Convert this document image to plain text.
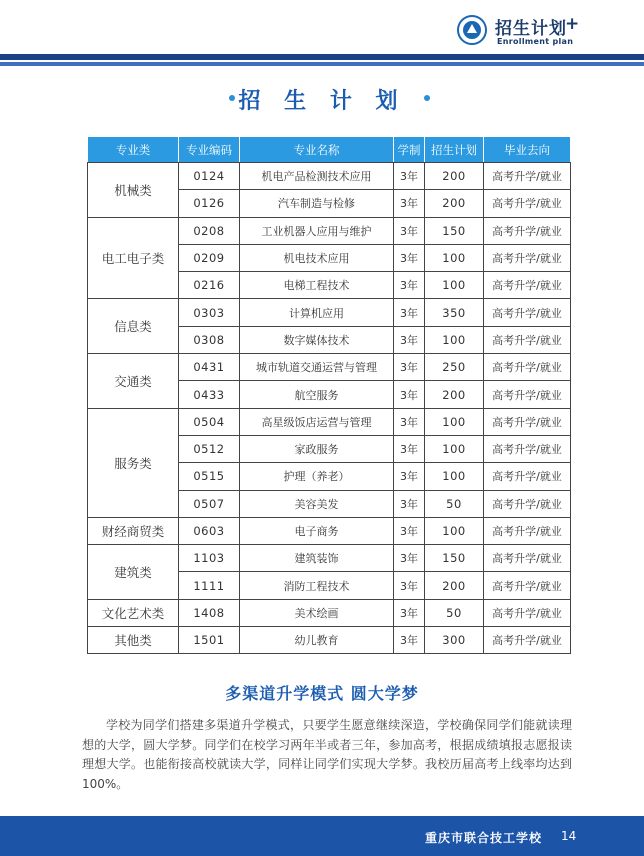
招生计划
+
Enrollment plan
招 生 计 划
专业类	专业编码	专业名称	学制	招生计划	毕业去向
机械类	0124	机电产品检测技术应用	3年	200	高考升学/就业
	0126	汽车制造与检修	3年	200	高考升学/就业
电工电子类	0208	工业机器人应用与维护	3年	150	高考升学/就业
	0209	机电技术应用	3年	100	高考升学/就业
	0216	电梯工程技术	3年	100	高考升学/就业
信息类	0303	计算机应用	3年	350	高考升学/就业
	0308	数字媒体技术	3年	100	高考升学/就业
交通类	0431	城市轨道交通运营与管理	3年	250	高考升学/就业
	0433	航空服务	3年	200	高考升学/就业
服务类	0504	高星级饭店运营与管理	3年	100	高考升学/就业
	0512	家政服务	3年	100	高考升学/就业
	0515	护理（养老）	3年	100	高考升学/就业
	0507	美容美发	3年	50	高考升学/就业
财经商贸类	0603	电子商务	3年	100	高考升学/就业
建筑类	1103	建筑装饰	3年	150	高考升学/就业
	1111	消防工程技术	3年	200	高考升学/就业
文化艺术类	1408	美术绘画	3年	50	高考升学/就业
其他类	1501	幼儿教育	3年	300	高考升学/就业
多渠道升学模式 圆大学梦
学校为同学们搭建多渠道升学模式，只要学生愿意继续深造，学校确保同学们能就读理想的大学，圆大学梦。同学们在校学习两年半或者三年，参加高考，根据成绩填报志愿报读理想大学。也能衔接高校就读大学，同样让同学们实现大学梦。我校历届高考上线率均达到100%。
重庆市联合技工学校 14
